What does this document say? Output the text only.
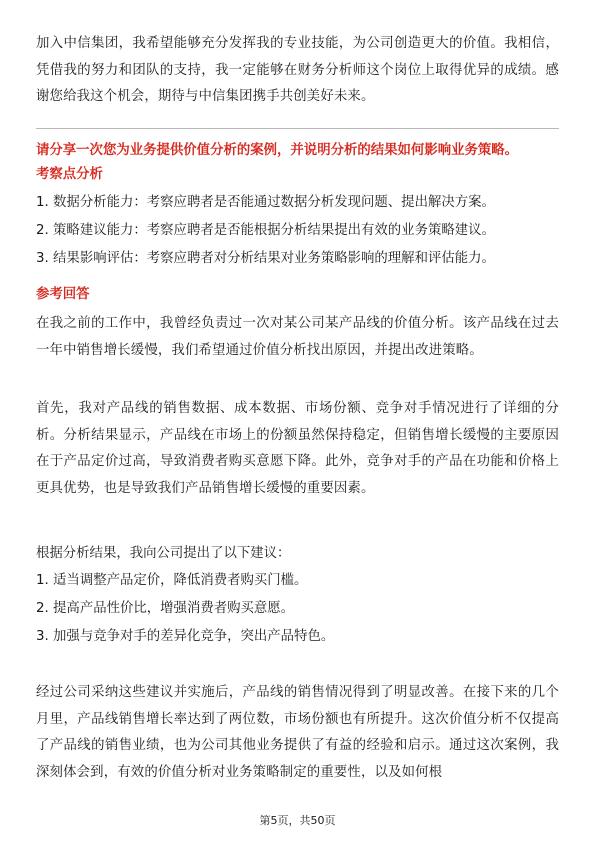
加入中信集团，我希望能够充分发挥我的专业技能，为公司创造更大的价值。我相信，凭借我的努力和团队的支持，我一定能够在财务分析师这个岗位上取得优异的成绩。感谢您给我这个机会，期待与中信集团携手共创美好未来。
请分享一次您为业务提供价值分析的案例，并说明分析的结果如何影响业务策略。
考察点分析
1. 数据分析能力：考察应聘者是否能通过数据分析发现问题、提出解决方案。
2. 策略建议能力：考察应聘者是否能根据分析结果提出有效的业务策略建议。
3. 结果影响评估：考察应聘者对分析结果对业务策略影响的理解和评估能力。
参考回答
在我之前的工作中，我曾经负责过一次对某公司某产品线的价值分析。该产品线在过去一年中销售增长缓慢，我们希望通过价值分析找出原因，并提出改进策略。
首先，我对产品线的销售数据、成本数据、市场份额、竞争对手情况进行了详细的分析。分析结果显示，产品线在市场上的份额虽然保持稳定，但销售增长缓慢的主要原因在于产品定价过高，导致消费者购买意愿下降。此外，竞争对手的产品在功能和价格上更具优势，也是导致我们产品销售增长缓慢的重要因素。
根据分析结果，我向公司提出了以下建议：
1. 适当调整产品定价，降低消费者购买门槛。
2. 提高产品性价比，增强消费者购买意愿。
3. 加强与竞争对手的差异化竞争，突出产品特色。
经过公司采纳这些建议并实施后，产品线的销售情况得到了明显改善。在接下来的几个月里，产品线销售增长率达到了两位数，市场份额也有所提升。这次价值分析不仅提高了产品线的销售业绩，也为公司其他业务提供了有益的经验和启示。通过这次案例，我深刻体会到，有效的价值分析对业务策略制定的重要性，以及如何根
第5页，共50页
